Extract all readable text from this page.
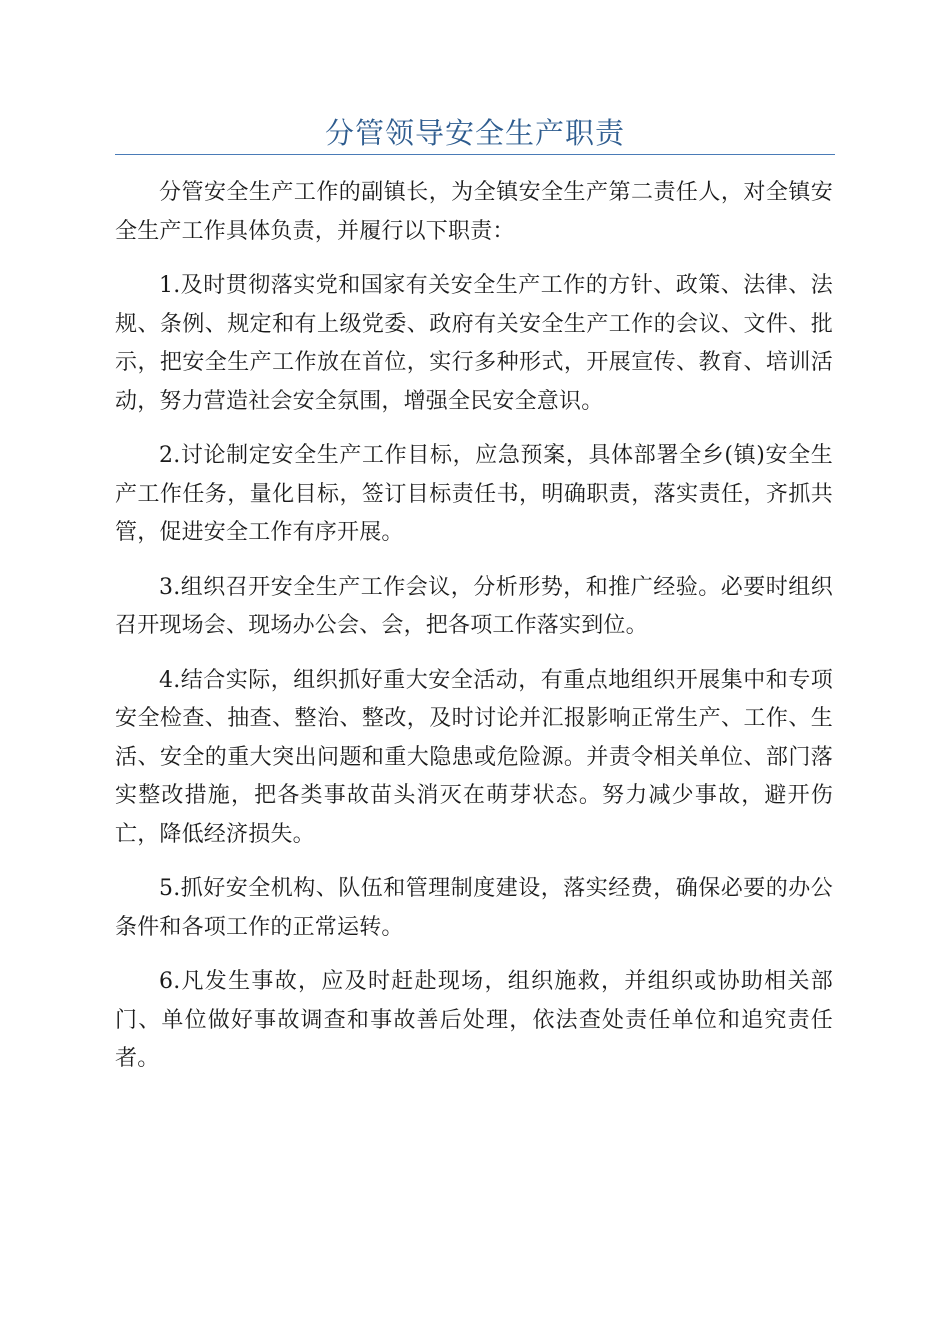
分管领导安全生产职责

分管安全生产工作的副镇长，为全镇安全生产第二责任人，对全镇安全生产工作具体负责，并履行以下职责：

1.及时贯彻落实党和国家有关安全生产工作的方针、政策、法律、法规、条例、规定和有上级党委、政府有关安全生产工作的会议、文件、批示，把安全生产工作放在首位，实行多种形式，开展宣传、教育、培训活动，努力营造社会安全氛围，增强全民安全意识。

2.讨论制定安全生产工作目标，应急预案，具体部署全乡(镇)安全生产工作任务，量化目标，签订目标责任书，明确职责，落实责任，齐抓共管，促进安全工作有序开展。

3.组织召开安全生产工作会议，分析形势，和推广经验。必要时组织召开现场会、现场办公会、会，把各项工作落实到位。

4.结合实际，组织抓好重大安全活动，有重点地组织开展集中和专项安全检查、抽查、整治、整改，及时讨论并汇报影响正常生产、工作、生活、安全的重大突出问题和重大隐患或危险源。并责令相关单位、部门落实整改措施，把各类事故苗头消灭在萌芽状态。努力减少事故，避开伤亡，降低经济损失。

5.抓好安全机构、队伍和管理制度建设，落实经费，确保必要的办公条件和各项工作的正常运转。

6.凡发生事故，应及时赶赴现场，组织施救，并组织或协助相关部门、单位做好事故调查和事故善后处理，依法查处责任单位和追究责任者。
